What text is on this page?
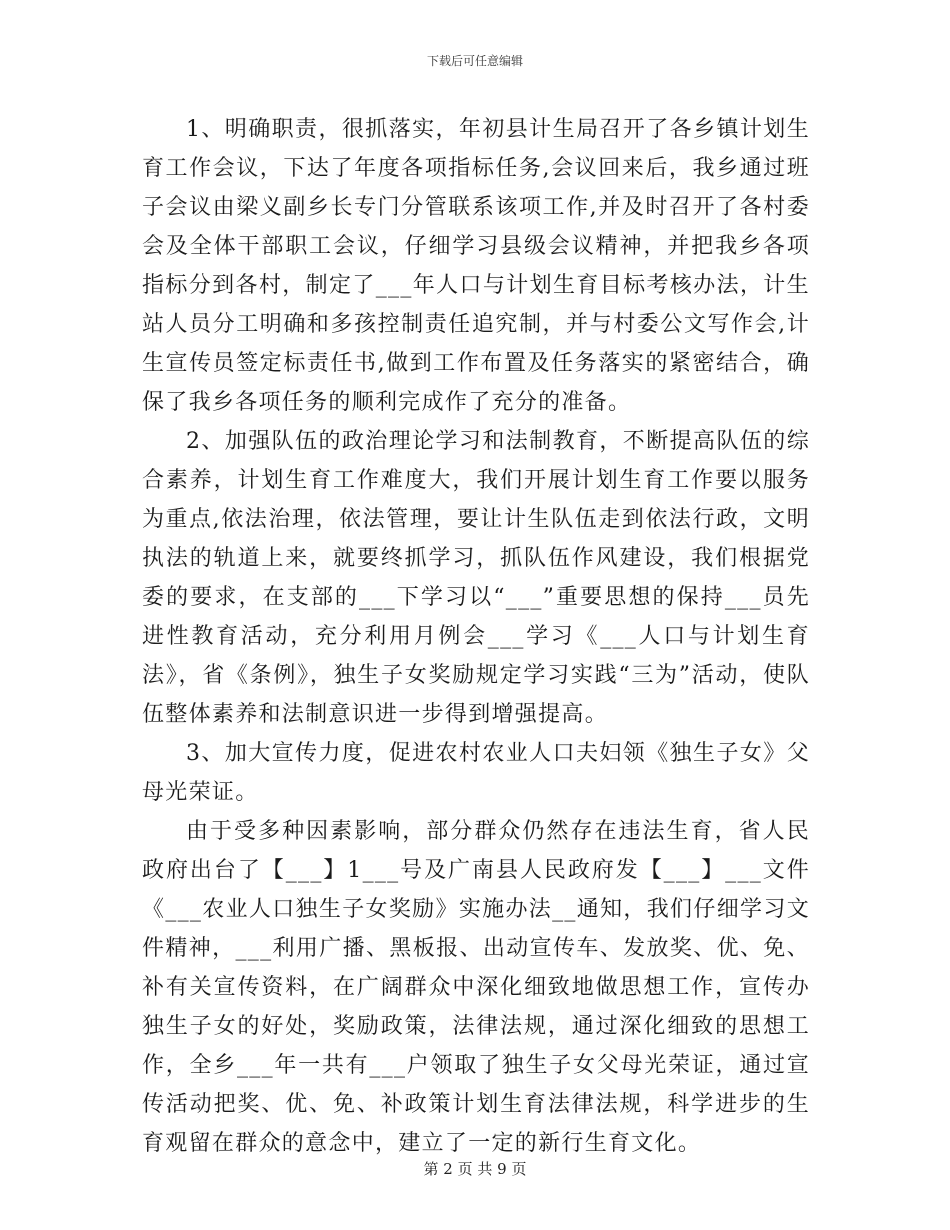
下载后可任意编辑

1、明确职责，很抓落实，年初县计生局召开了各乡镇计划生育工作会议，下达了年度各项指标任务,会议回来后，我乡通过班子会议由梁义副乡长专门分管联系该项工作,并及时召开了各村委会及全体干部职工会议，仔细学习县级会议精神，并把我乡各项指标分到各村，制定了___年人口与计划生育目标考核办法，计生站人员分工明确和多孩控制责任追究制，并与村委公文写作会,计生宣传员签定标责任书,做到工作布置及任务落实的紧密结合，确保了我乡各项任务的顺利完成作了充分的准备。

2、加强队伍的政治理论学习和法制教育，不断提高队伍的综合素养，计划生育工作难度大，我们开展计划生育工作要以服务为重点,依法治理，依法管理，要让计生队伍走到依法行政，文明执法的轨道上来，就要终抓学习，抓队伍作风建设，我们根据党委的要求，在支部的___下学习以“___”重要思想的保持___员先进性教育活动，充分利用月例会___学习《___人口与计划生育法》，省《条例》，独生子女奖励规定学习实践“三为”活动，使队伍整体素养和法制意识进一步得到增强提高。

3、加大宣传力度，促进农村农业人口夫妇领《独生子女》父母光荣证。

由于受多种因素影响，部分群众仍然存在违法生育，省人民政府出台了【___】1___号及广南县人民政府发【___】___文件《___农业人口独生子女奖励》实施办法__通知，我们仔细学习文件精神，___利用广播、黑板报、出动宣传车、发放奖、优、免、补有关宣传资料，在广阔群众中深化细致地做思想工作，宣传办独生子女的好处，奖励政策，法律法规，通过深化细致的思想工作，全乡___年一共有___户领取了独生子女父母光荣证，通过宣传活动把奖、优、免、补政策计划生育法律法规，科学进步的生育观留在群众的意念中，建立了一定的新行生育文化。

第 2 页 共 9 页
